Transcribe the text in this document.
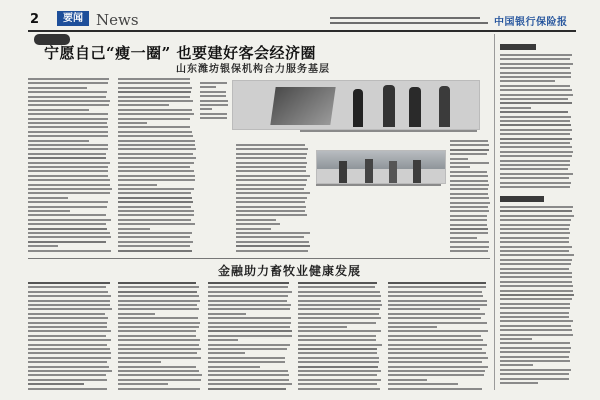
2	要闻 News	中国银行保险报
宁愿自己“瘦一圈” 也要建好客会经济圈
山东潍坊银保机构合力服务基层
金融助力畜牧业健康发展
